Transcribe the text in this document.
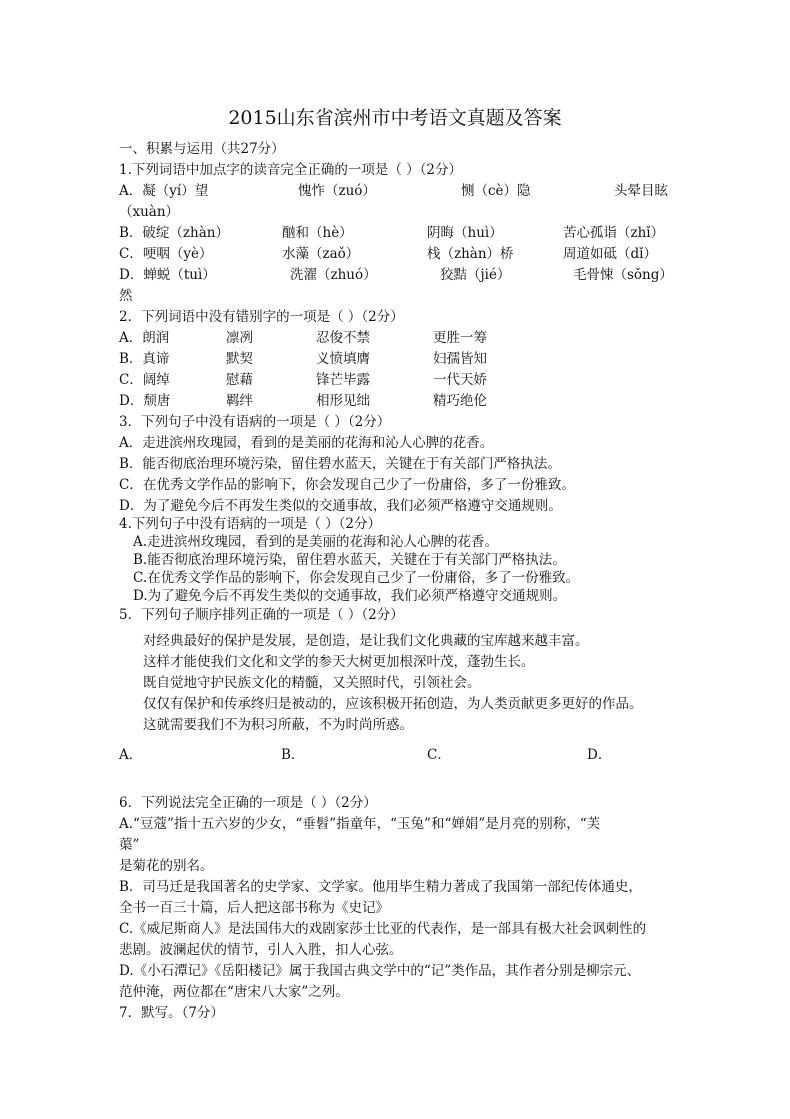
2015山东省滨州市中考语文真题及答案
一、积累与运用（共27分）
1.下列词语中加点字的读音完全正确的一项是（ ）（2分）
A．凝（yí）望	愧怍（zuó）	恻（cè）隐	头晕目眩
（xuàn）
B．破绽（zhàn）	酗和（hè）	阴晦（huì）	苦心孤诣（zhǐ）
C．哽咽（yè）	水藻（zaǒ）	栈（zhàn）桥	周道如砥（dǐ）
D．蝉蜕（tuì）	洗濯（zhuó）	狡黠（jié）	毛骨悚（sǒng）
然
2．下列词语中没有错别字的一项是（ ）（2分）
A．朗润	凛冽	忍俊不禁	更胜一筹
B．真谛	默契	义愤填膺	妇孺皆知
C．阔绰	慰藉	锋芒毕露	一代天娇
D．颓唐	羁绊	相形见绌	精巧绝伦
3．下列句子中没有语病的一项是（ ）（2分）
A．走进滨州玫瑰园，看到的是美丽的花海和沁人心脾的花香。
B．能否彻底治理环境污染，留住碧水蓝天，关键在于有关部门严格执法。
C．在优秀文学作品的影响下，你会发现自己少了一份庸俗，多了一份雅致。
D．为了避免今后不再发生类似的交通事故，我们必须严格遵守交通规则。
4.下列句子中没有语病的一项是（ ）（2分）
A.走进滨州玫瑰园，看到的是美丽的花海和沁人心脾的花香。
B.能否彻底治理环境污染，留住碧水蓝天，关键在于有关部门严格执法。
C.在优秀文学作品的影响下，你会发现自己少了一份庸俗，多了一份雅致。
D.为了避免今后不再发生类似的交通事故，我们必须严格遵守交通规则。
5．下列句子顺序排列正确的一项是（ ）（2分）
对经典最好的保护是发展，是创造，是让我们文化典藏的宝库越来越丰富。
这样才能使我们文化和文学的参天大树更加根深叶茂，蓬勃生长。
既自觉地守护民族文化的精髓，又关照时代，引领社会。
仅仅有保护和传承终归是被动的，应该积极开拓创造，为人类贡献更多更好的作品。
这就需要我们不为积习所蔽，不为时尚所惑。
A．	B．	C．	D．
6．下列说法完全正确的一项是（ ）（2分）
A.“豆蔻”指十五六岁的少女，“垂髫”指童年，“玉兔”和“婵娟”是月亮的别称，“芙
蕖”
是菊花的别名。
B．司马迁是我国著名的史学家、文学家。他用毕生精力著成了我国第一部纪传体通史，
全书一百三十篇，后人把这部书称为《史记》
C.《威尼斯商人》是法国伟大的戏剧家莎士比亚的代表作，是一部具有极大社会讽刺性的
悲剧。波澜起伏的情节，引人入胜，扣人心弦。
D.《小石潭记》《岳阳楼记》属于我国古典文学中的“记”类作品，其作者分别是柳宗元、
范仲淹，两位都在“唐宋八大家”之列。
7．默写。（7分）
